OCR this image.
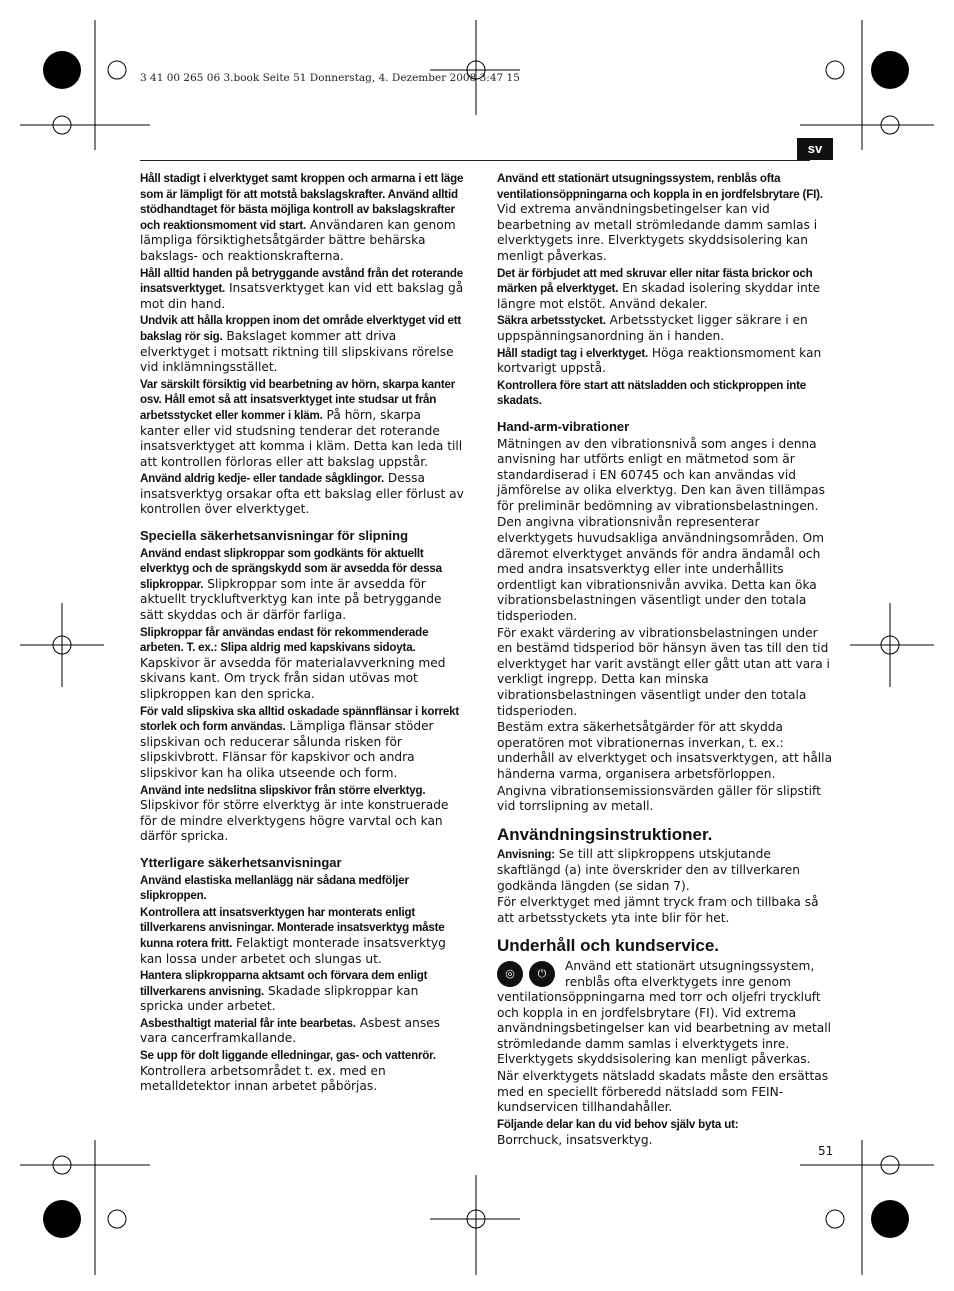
3 41 00 265 06 3.book Seite 51 Donnerstag, 4. Dezember 2008 3:47 15
sv

Håll stadigt i elverktyget samt kroppen och armarna i ett läge som är lämpligt för att motstå bakslagskrafter. Använd alltid stödhandtaget för bästa möjliga kontroll av bakslagskrafter och reaktionsmoment vid start. Användaren kan genom lämpliga försiktighetsåtgärder bättre behärska bakslags- och reaktionskrafterna.

Håll alltid handen på betryggande avstånd från det roterande insatsverktyget. Insatsverktyget kan vid ett bakslag gå mot din hand.

Undvik att hålla kroppen inom det område elverktyget vid ett bakslag rör sig. Bakslaget kommer att driva elverktyget i motsatt riktning till slipskivans rörelse vid inklämningsstället.

Var särskilt försiktig vid bearbetning av hörn, skarpa kanter osv. Håll emot så att insatsverktyget inte studsar ut från arbetsstycket eller kommer i kläm. På hörn, skarpa kanter eller vid studsning tenderar det roterande insatsverktyget att komma i kläm. Detta kan leda till att kontrollen förloras eller att bakslag uppstår.

Använd aldrig kedje- eller tandade sågklingor. Dessa insatsverktyg orsakar ofta ett bakslag eller förlust av kontrollen över elverktyget.

Speciella säkerhetsanvisningar för slipning

Använd endast slipkroppar som godkänts för aktuellt elverktyg och de sprängskydd som är avsedda för dessa slipkroppar. Slipkroppar som inte är avsedda för aktuellt tryckluftverktyg kan inte på betryggande sätt skyddas och är därför farliga.

Slipkroppar får användas endast för rekommenderade arbeten. T. ex.: Slipa aldrig med kapskivans sidoyta. Kapskivor är avsedda för materialavverkning med skivans kant. Om tryck från sidan utövas mot slipkroppen kan den spricka.

För vald slipskiva ska alltid oskadade spännflänsar i korrekt storlek och form användas. Lämpliga flänsar stöder slipskivan och reducerar sålunda risken för slipskivbrott. Flänsar för kapskivor och andra slipskivor kan ha olika utseende och form.

Använd inte nedslitna slipskivor från större elverktyg. Slipskivor för större elverktyg är inte konstruerade för de mindre elverktygens högre varvtal och kan därför spricka.

Ytterligare säkerhetsanvisningar

Använd elastiska mellanlägg när sådana medföljer slipkroppen.

Kontrollera att insatsverktygen har monterats enligt tillverkarens anvisningar. Monterade insatsverktyg måste kunna rotera fritt. Felaktigt monterade insatsverktyg kan lossa under arbetet och slungas ut.

Hantera slipkropparna aktsamt och förvara dem enligt tillverkarens anvisning. Skadade slipkroppar kan spricka under arbetet.

Asbesthaltigt material får inte bearbetas. Asbest anses vara cancerframkallande.

Se upp för dolt liggande elledningar, gas- och vattenrör. Kontrollera arbetsområdet t. ex. med en metalldetektor innan arbetet påbörjas.

Använd ett stationärt utsugningssystem, renblås ofta ventilationsöppningarna och koppla in en jordfelsbrytare (FI). Vid extrema användningsbetingelser kan vid bearbetning av metall strömledande damm samlas i elverktygets inre. Elverktygets skyddsisolering kan menligt påverkas.

Det är förbjudet att med skruvar eller nitar fästa brickor och märken på elverktyget. En skadad isolering skyddar inte längre mot elstöt. Använd dekaler.

Säkra arbetsstycket. Arbetsstycket ligger säkrare i en uppspänningsanordning än i handen.

Håll stadigt tag i elverktyget. Höga reaktionsmoment kan kortvarigt uppstå.

Kontrollera före start att nätsladden och stickproppen inte skadats.

Hand-arm-vibrationer

Mätningen av den vibrationsnivå som anges i denna anvisning har utförts enligt en mätmetod som är standardiserad i EN 60745 och kan användas vid jämförelse av olika elverktyg. Den kan även tillämpas för preliminär bedömning av vibrationsbelastningen.

Den angivna vibrationsnivån representerar elverktygets huvudsakliga användningsområden. Om däremot elverktyget används för andra ändamål och med andra insatsverktyg eller inte underhållits ordentligt kan vibrationsnivån avvika. Detta kan öka vibrationsbelastningen väsentligt under den totala tidsperioden.

För exakt värdering av vibrationsbelastningen under en bestämd tidsperiod bör hänsyn även tas till den tid elverktyget har varit avstängt eller gått utan att vara i verkligt ingrepp. Detta kan minska vibrationsbelastningen väsentligt under den totala tidsperioden.

Bestäm extra säkerhetsåtgärder för att skydda operatören mot vibrationernas inverkan, t. ex.: underhåll av elverktyget och insatsverktygen, att hålla händerna varma, organisera arbetsförloppen.

Angivna vibrationsemissionsvärden gäller för slipstift vid torrslipning av metall.

Användningsinstruktioner.

Anvisning: Se till att slipkroppens utskjutande skaftlängd (a) inte överskrider den av tillverkaren godkända längden (se sidan 7).

För elverktyget med jämnt tryck fram och tillbaka så att arbetsstyckets yta inte blir för het.

Underhåll och kundservice.
◎	⏻

Använd ett stationärt utsugningssystem, renblås ofta elverktygets inre genom ventilationsöppningarna med torr och oljefri tryckluft och koppla in en jordfelsbrytare (FI). Vid extrema användningsbetingelser kan vid bearbetning av metall strömledande damm samlas i elverktygets inre. Elverktygets skyddsisolering kan menligt påverkas.

När elverktygets nätsladd skadats måste den ersättas med en speciellt förberedd nätsladd som FEIN-kundservicen tillhandahåller.

Följande delar kan du vid behov själv byta ut:

Borrchuck, insatsverktyg.

51
